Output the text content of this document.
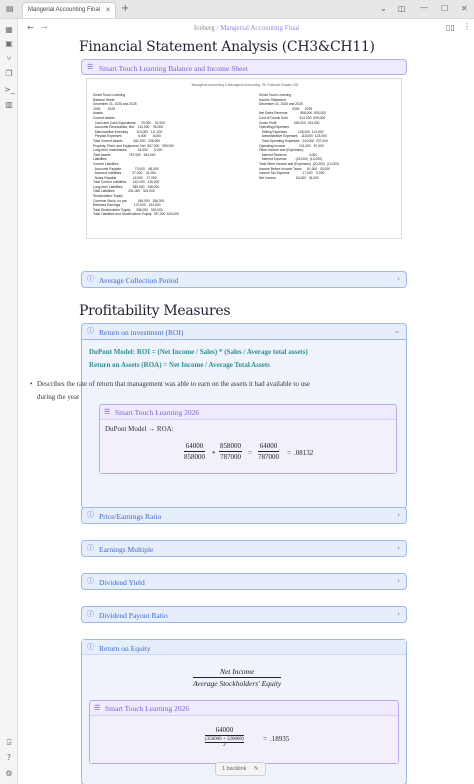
▤	Mangerial Accounting Final ✕ +	⌄ ◫ — ☐ ✕
▦
▣
⑂
❐
>_
▥
⍈
?
⚙
← →	Iceberg / Mangerial Accounting Final	▯▯ ⋮
Financial Statement Analysis (CH3&CH11)
☰ Smart Touch Learning Balance and Income Sheet
Managerial Accounting & Managerial Accounting, 7th Financial Chapter 11B
Smart Touch Learning
Balance Sheet
December 31, 2026 and 2025
2026        2025
Assets
Current Assets
Cash and Cash Equivalents      29,000    32,000
Accounts Receivables, Net    114,000    95,000
Merchandise Inventory         113,000   111,000
Prepaid Expenses                  6,000       8,000
Total Current Assets            262,000   236,000
Property, Plant, and Equipment, Net  507,000   399,000
Long-term Investments            18,000       9,000
Total Assets                    787,000   644,000
Liabilities
Current Liabilities
Accounts Payable               73,000    68,000
Accrued Liabilities            27,000    31,000
Notes Payable                  42,000    27,000
Total Current Liabilities       142,000   126,000
Long-term Liabilities           289,000   198,000
Total Liabilities               431,000   324,000
Stockholders' Equity
Common Stock, no par            186,000   186,000
Retained Earnings               170,000   134,000
Total Stockholders' Equity      356,000   320,000
Total Liabilities and Stockholders' Equity  787,000  644,000
Smart Touch Learning
Income Statement
December 31, 2026 and 2025
2026      2025
Net Sales Revenue              858,000  803,000
Cost of Goods Sold             513,000  509,000
Gross Profit                   345,000  294,000
Operating Expenses:
Selling Expenses            126,000  114,000
Administrative Expenses    118,000  123,000
Total Operating Expenses   244,000  237,000
Operating Income               101,000   57,000
Other Income and (Expenses):
Interest Revenue                        4,000
Interest Expense          (24,000)  (14,000)
Total Other Income and (Expenses)  (20,000)  (14,000)
Income Before Income Taxes      81,000   43,000
Income Tax Expense              17,000    9,000
Net Income                      64,000   34,000
ⓘ Average Collection Period	›
Profitability Measures
ⓘ Return on investment (ROI)	⌄
DuPont Model: ROI = (Net Income / Sales) * (Sales / Average total assets)
Return on Assets (ROA) = Net Income / Average Total Assets
• Describes the rate of return that management was able to earn on the assets it had available to use during the year
☰ Smart Touch Learning 2026
DuPont Model → ROA:
$\frac{64000}{858000} * \frac{858000}{787000} = \frac{64000}{787000} = .08132$
ⓘ Price/Earnings Ratio	›
ⓘ Earnings Multiple	›
ⓘ Dividend Yield	›
ⓘ Dividend Payout Ratio	›
ⓘ Return on Equity
Net Income
Average Stockholders' Equity
☰ Smart Touch Learning 2026
64000
(356000 + 320000)
2
= .18935
1 backlink ✎
